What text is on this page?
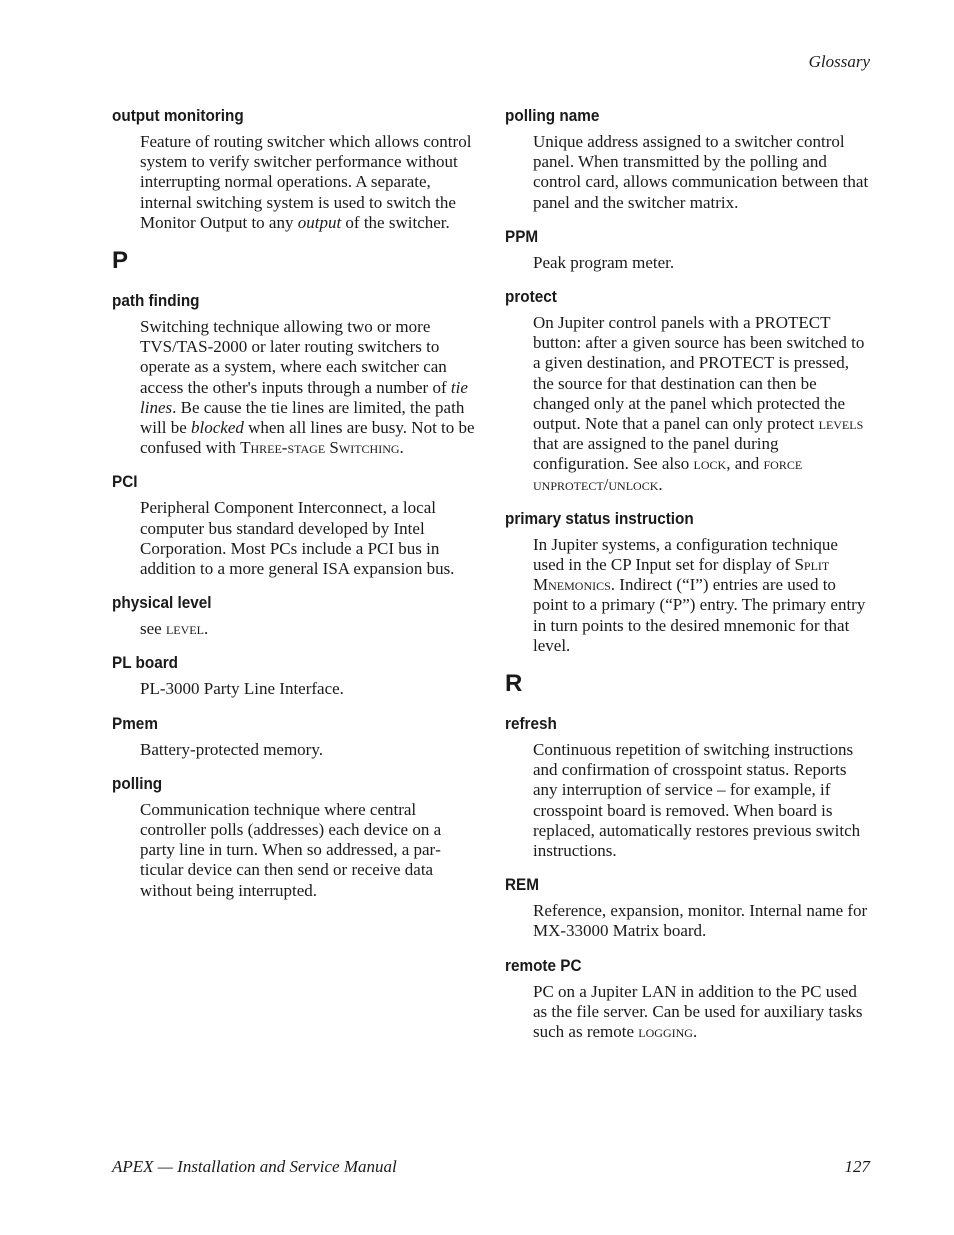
Glossary
output monitoring
Feature of routing switcher which allows control system to verify switcher performance without interrupting normal operations. A separate, internal switching system is used to switch the Monitor Output to any output of the switcher.
P
path finding
Switching technique allowing two or more TVS/TAS-2000 or later routing switchers to operate as a system, where each switcher can access the other's inputs through a number of tie lines. Be cause the tie lines are limited, the path will be blocked when all lines are busy. Not to be confused with Three-stage Switching.
PCI
Peripheral Component Interconnect, a local computer bus standard developed by Intel Corporation. Most PCs include a PCI bus in addition to a more general ISA expansion bus.
physical level
see level.
PL board
PL-3000 Party Line Interface.
Pmem
Battery-protected memory.
polling
Communication technique where central controller polls (addresses) each device on a party line in turn. When so addressed, a particular device can then send or receive data without being interrupted.
polling name
Unique address assigned to a switcher control panel. When transmitted by the polling and control card, allows communication between that panel and the switcher matrix.
PPM
Peak program meter.
protect
On Jupiter control panels with a PROTECT button: after a given source has been switched to a given destination, and PROTECT is pressed, the source for that destination can then be changed only at the panel which protected the output. Note that a panel can only protect levels that are assigned to the panel during configuration. See also lock, and force unprotect/unlock.
primary status instruction
In Jupiter systems, a configuration technique used in the CP Input set for display of Split Mnemonics. Indirect (“I”) entries are used to point to a primary (“P”) entry. The primary entry in turn points to the desired mnemonic for that level.
R
refresh
Continuous repetition of switching instructions and confirmation of crosspoint status. Reports any interruption of service – for example, if crosspoint board is removed. When board is replaced, automatically restores previous switch instructions.
REM
Reference, expansion, monitor. Internal name for MX-33000 Matrix board.
remote PC
PC on a Jupiter LAN in addition to the PC used as the file server. Can be used for auxiliary tasks such as remote logging.
APEX — Installation and Service Manual	127
